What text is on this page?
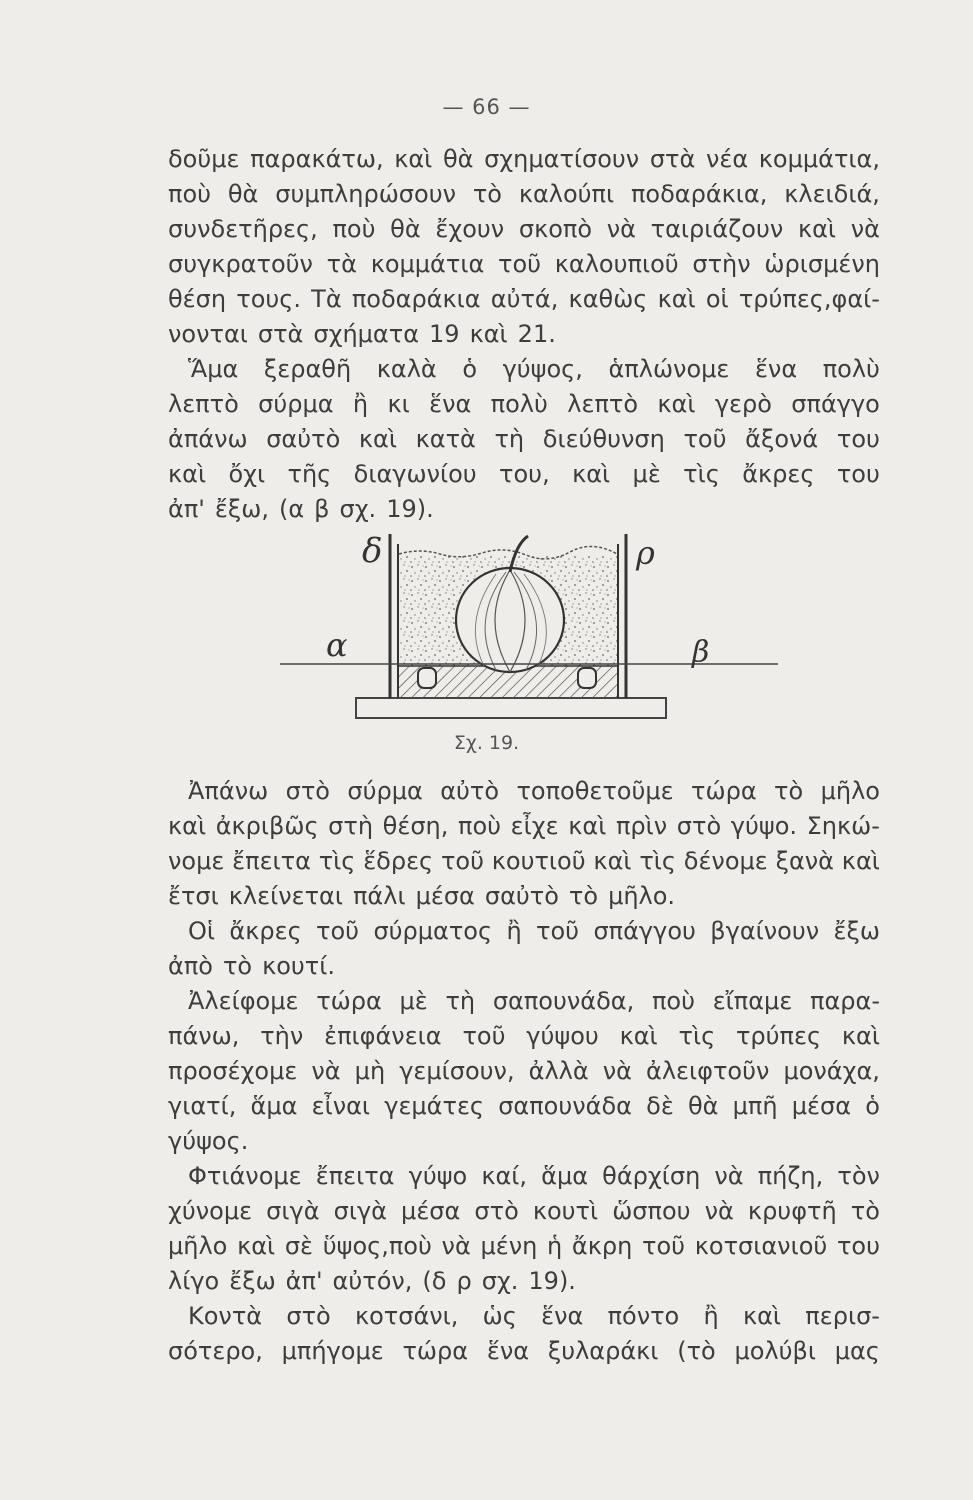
— 66 —
δοῦμε παρακάτω, καὶ θὰ σχηματίσουν στὰ νέα κομμάτια,
ποὺ θὰ συμπληρώσουν τὸ καλούπι ποδαράκια, κλειδιά,
συνδετῆρες, ποὺ θὰ ἔχουν σκοπὸ νὰ ταιριάζουν καὶ νὰ
συγκρατοῦν τὰ κομμάτια τοῦ καλουπιοῦ στὴν ὡρισμένη
θέση τους. Τὰ ποδαράκια αὐτά, καθὼς καὶ οἱ τρύπες,φαί-
νονται στὰ σχήματα 19 καὶ 21.
Ἅμα ξεραθῆ καλὰ ὁ γύψος, ἁπλώνομε ἕνα πολὺ
λεπτὸ σύρμα ἢ κι ἕνα πολὺ λεπτὸ καὶ γερὸ σπάγγο
ἀπάνω σαὐτὸ καὶ κατὰ τὴ διεύθυνση τοῦ ἄξονά του
καὶ ὄχι τῆς διαγωνίου του, καὶ μὲ τὶς ἄκρες του
ἀπ' ἔξω, (α β σχ. 19).
δ	ρ
α	β
Σχ. 19.
Ἀπάνω στὸ σύρμα αὐτὸ τοποθετοῦμε τώρα τὸ μῆλο
καὶ ἀκριβῶς στὴ θέση, ποὺ εἶχε καὶ πρὶν στὸ γύψο. Σηκώ-
νομε ἔπειτα τὶς ἕδρες τοῦ κουτιοῦ καὶ τὶς δένομε ξανὰ καὶ
ἔτσι κλείνεται πάλι μέσα σαὐτὸ τὸ μῆλο.
Οἱ ἄκρες τοῦ σύρματος ἢ τοῦ σπάγγου βγαίνουν ἔξω
ἀπὸ τὸ κουτί.
Ἀλείφομε τώρα μὲ τὴ σαπουνάδα, ποὺ εἴπαμε παρα-
πάνω, τὴν ἐπιφάνεια τοῦ γύψου καὶ τὶς τρύπες καὶ
προσέχομε νὰ μὴ γεμίσουν, ἀλλὰ νὰ ἀλειφτοῦν μονάχα,
γιατί, ἅμα εἶναι γεμάτες σαπουνάδα δὲ θὰ μπῆ μέσα ὁ
γύψος.
Φτιάνομε ἔπειτα γύψο καί, ἅμα θάρχίση νὰ πήζη, τὸν
χύνομε σιγὰ σιγὰ μέσα στὸ κουτὶ ὥσπου νὰ κρυφτῆ τὸ
μῆλο καὶ σὲ ὕψος,ποὺ νὰ μένη ἡ ἄκρη τοῦ κοτσιανιοῦ του
λίγο ἔξω ἀπ' αὐτόν, (δ ρ σχ. 19).
Κοντὰ στὸ κοτσάνι, ὡς ἕνα πόντο ἢ καὶ περισ-
σότερο, μπήγομε τώρα ἕνα ξυλαράκι (τὸ μολύβι μας
